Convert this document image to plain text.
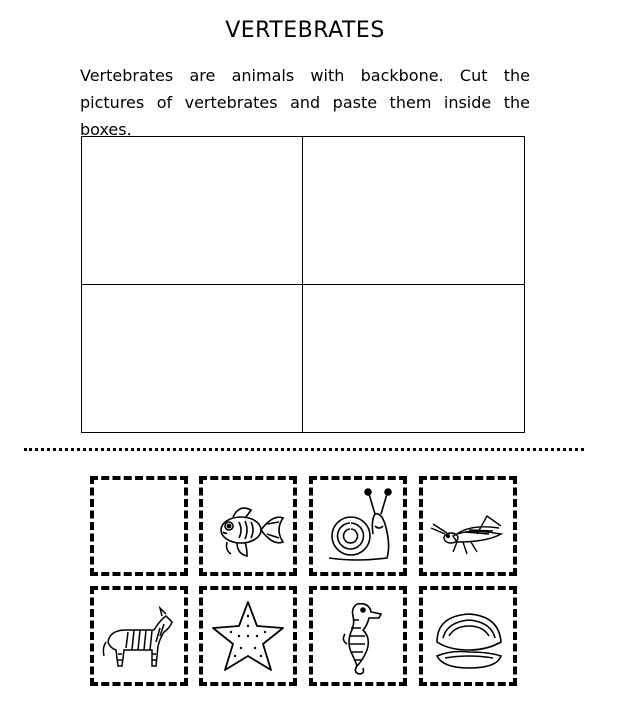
VERTEBRATES
Vertebrates are animals with backbone. Cut the pictures of vertebrates and paste them inside the boxes.
